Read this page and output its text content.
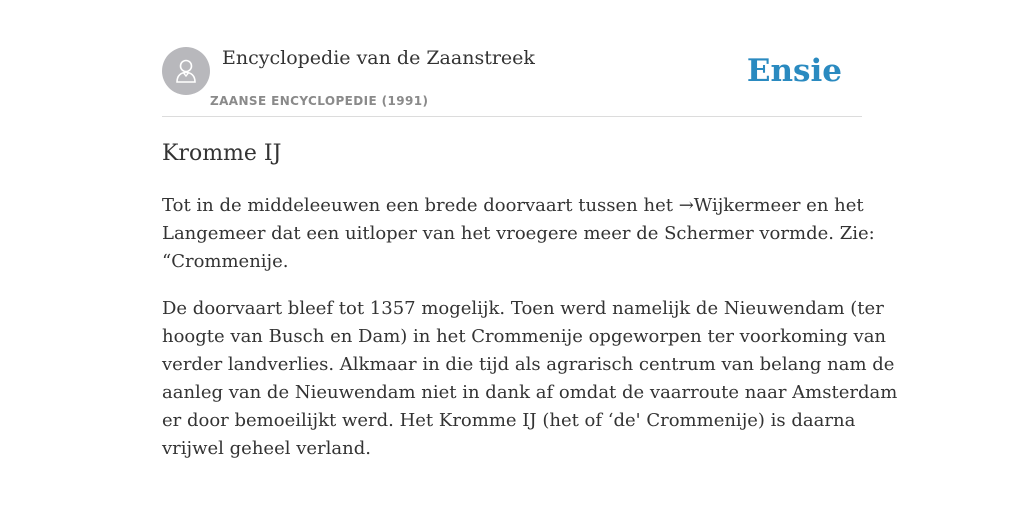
Encyclopedie van de Zaanstreek
ZAANSE ENCYCLOPEDIE (1991)
Ensie
Kromme IJ

Tot in de middeleeuwen een brede doorvaart tussen het →Wijkermeer en het
Langemeer dat een uitloper van het vroegere meer de Schermer vormde. Zie:
“Crommenije.

De doorvaart bleef tot 1357 mogelijk. Toen werd namelijk de Nieuwendam (ter
hoogte van Busch en Dam) in het Crommenije opgeworpen ter voorkoming van
verder landverlies. Alkmaar in die tijd als agrarisch centrum van belang nam de
aanleg van de Nieuwendam niet in dank af omdat de vaarroute naar Amsterdam
er door bemoeilijkt werd. Het Kromme IJ (het of ‘de' Crommenije) is daarna
vrijwel geheel verland.
